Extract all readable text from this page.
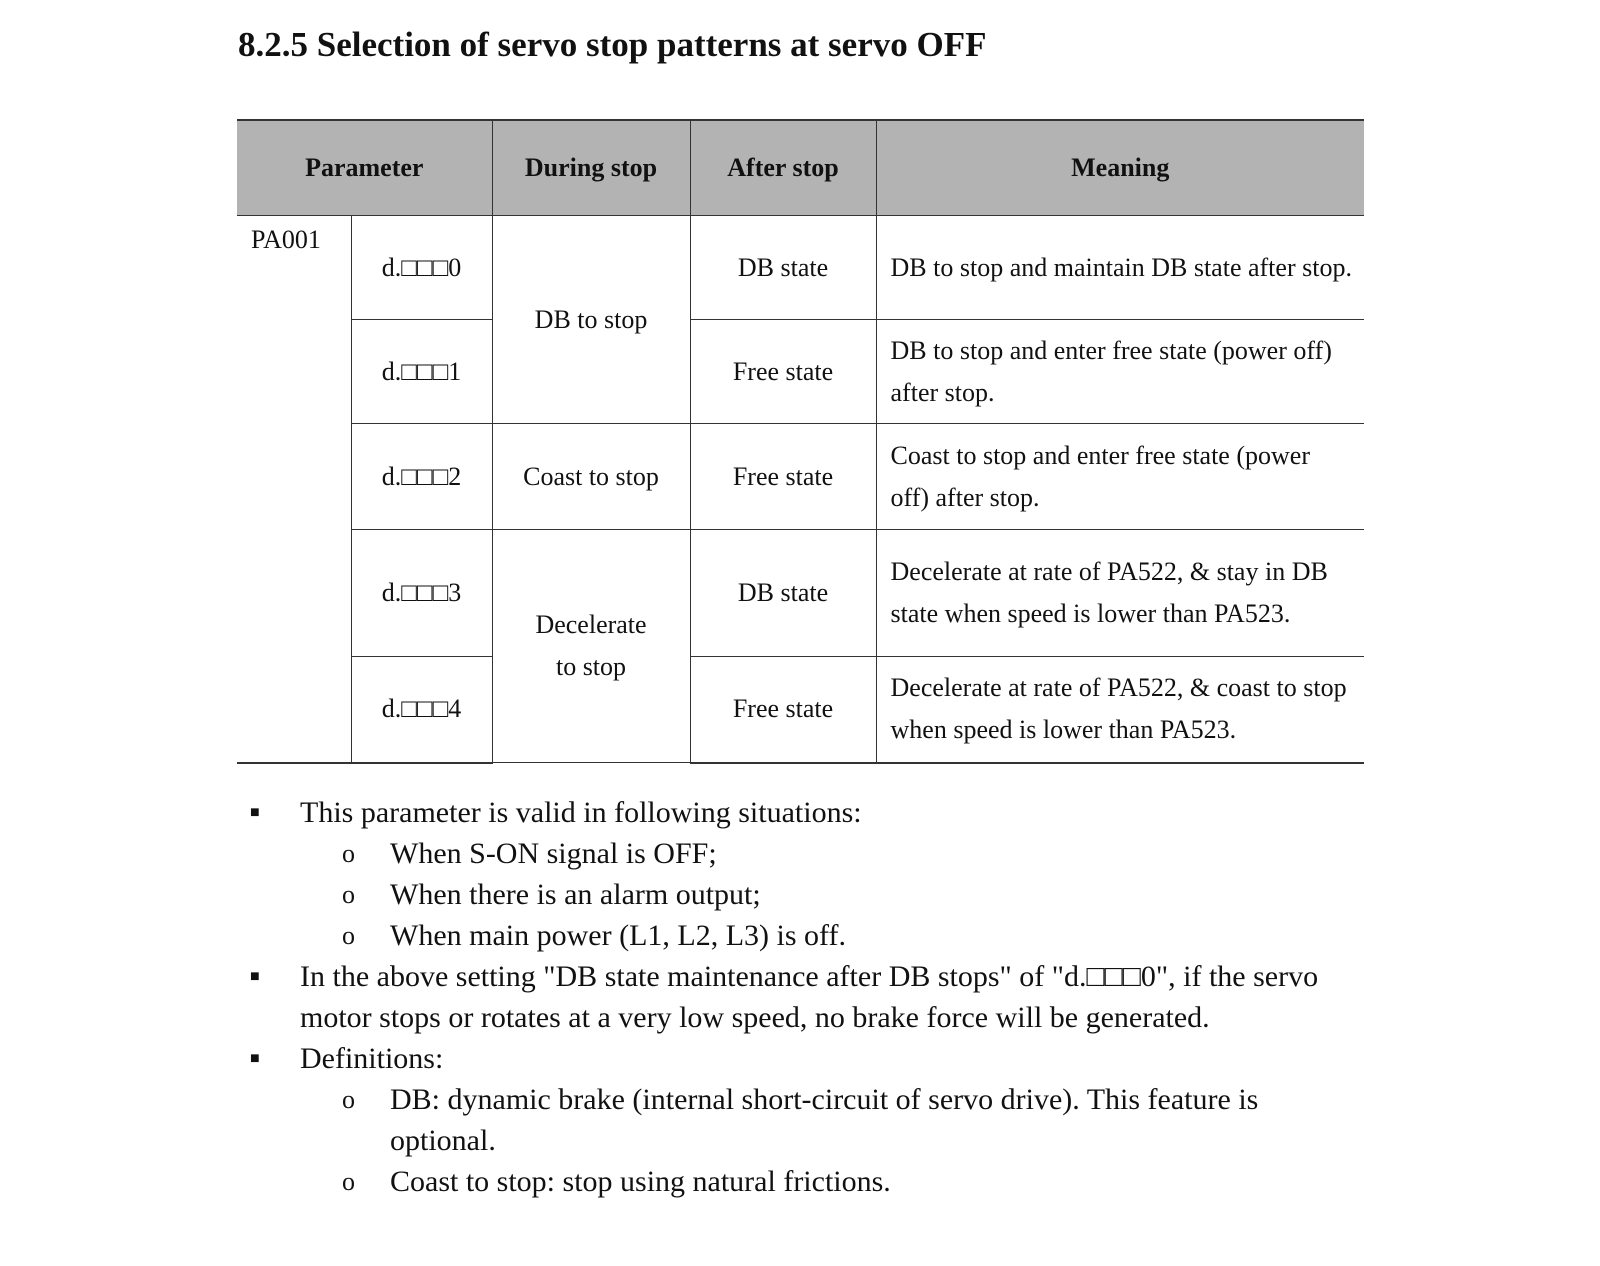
8.2.5 Selection of servo stop patterns at servo OFF
Parameter		During stop	After stop	Meaning
PA001	d.□□□0	DB to stop	DB state	DB to stop and maintain DB state after stop.
	d.□□□1		Free state	DB to stop and enter free state (power off) after stop.
	d.□□□2	Coast to stop	Free state	Coast to stop and enter free state (power off) after stop.
	d.□□□3	Decelerate to stop	DB state	Decelerate at rate of PA522, & stay in DB state when speed is lower than PA523.
	d.□□□4		Free state	Decelerate at rate of PA522, & coast to stop when speed is lower than PA523.
■	This parameter is valid in following situations:
o	When S-ON signal is OFF;
o	When there is an alarm output;
o	When main power (L1, L2, L3) is off.
■	In the above setting "DB state maintenance after DB stops" of "d.□□□0", if the servo motor stops or rotates at a very low speed, no brake force will be generated.
■	Definitions:
o	DB: dynamic brake (internal short-circuit of servo drive). This feature is optional.
o	Coast to stop: stop using natural frictions.
